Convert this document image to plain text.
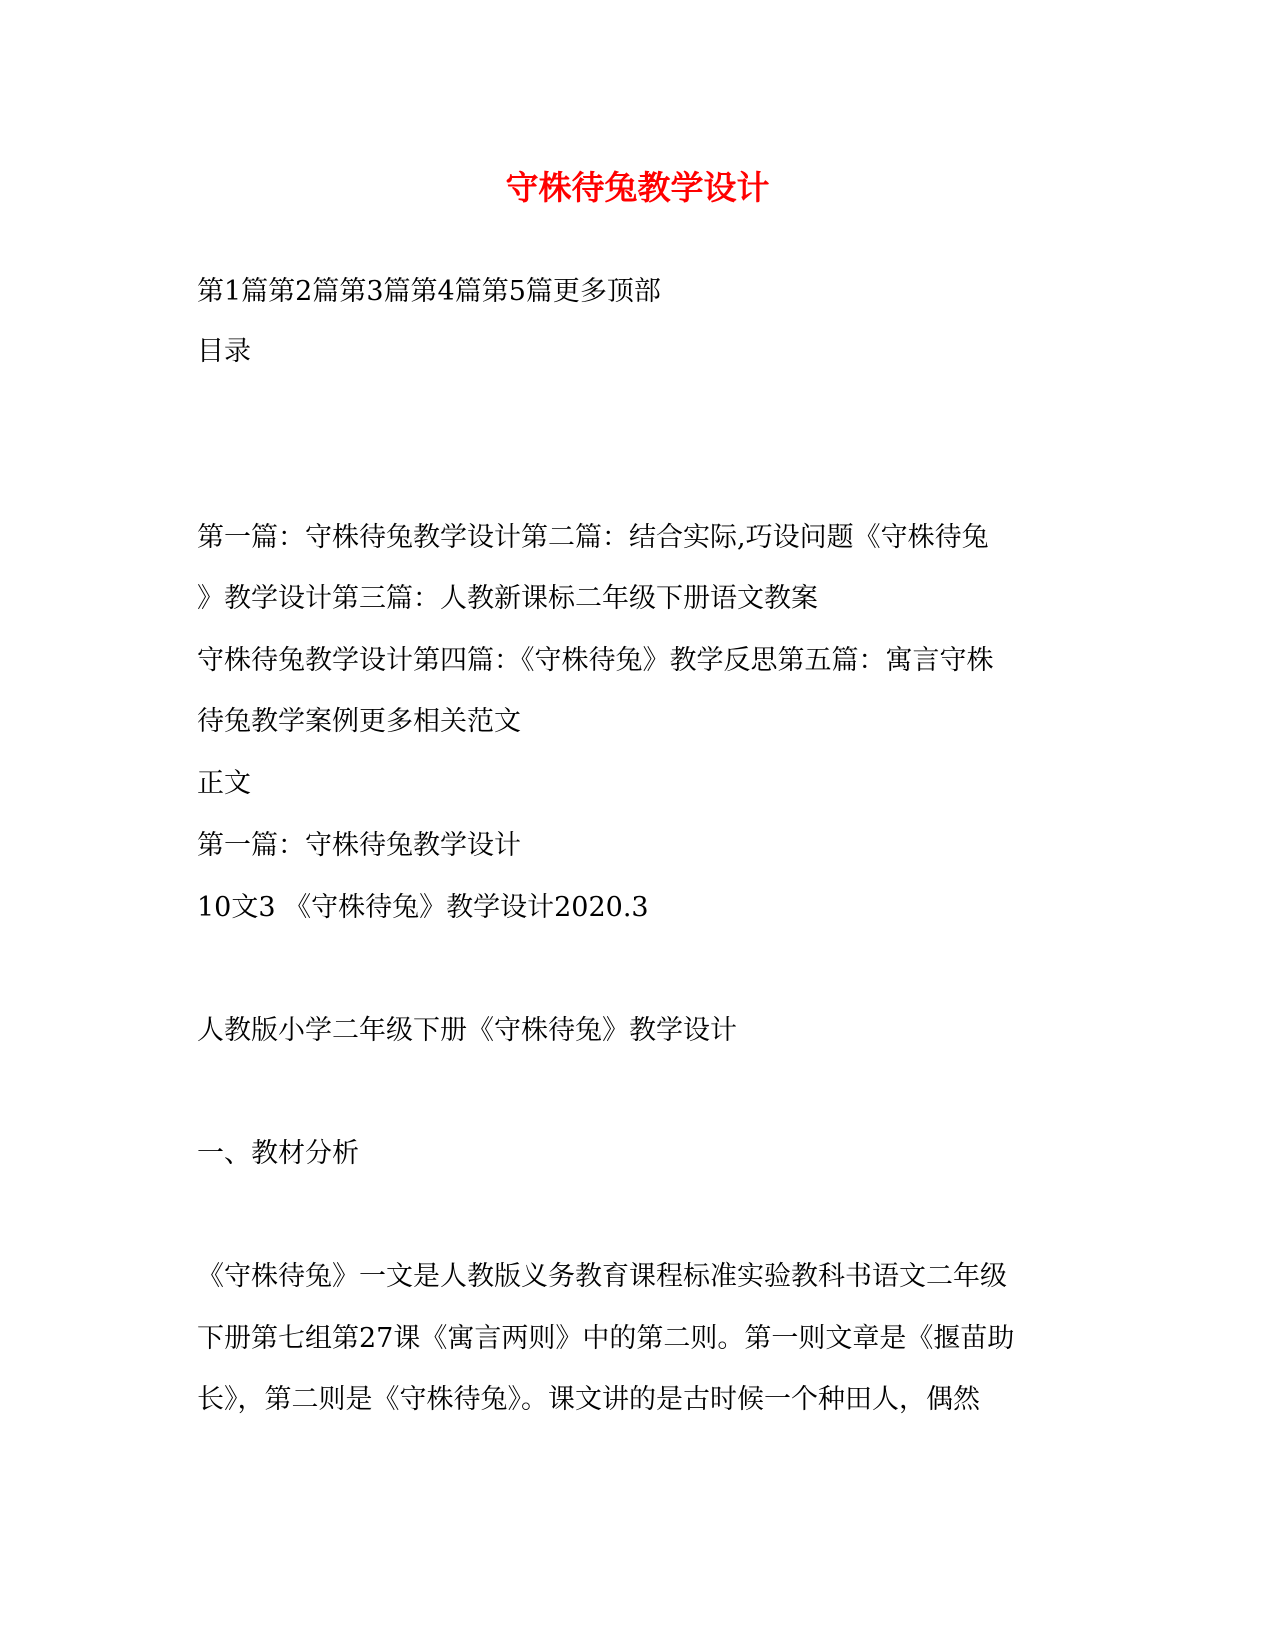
守株待兔教学设计
第1篇第2篇第3篇第4篇第5篇更多顶部
目录
第一篇：守株待兔教学设计第二篇：结合实际,巧设问题《守株待兔
》教学设计第三篇：人教新课标二年级下册语文教案
守株待兔教学设计第四篇：《守株待兔》教学反思第五篇：寓言守株
待兔教学案例更多相关范文
正文
第一篇：守株待兔教学设计
10文3 《守株待兔》教学设计2020.3
人教版小学二年级下册《守株待兔》教学设计
一、教材分析
《守株待兔》一文是人教版义务教育课程标准实验教科书语文二年级
下册第七组第27课《寓言两则》中的第二则。第一则文章是《揠苗助
长》，第二则是《守株待兔》。课文讲的是古时候一个种田人，偶然
